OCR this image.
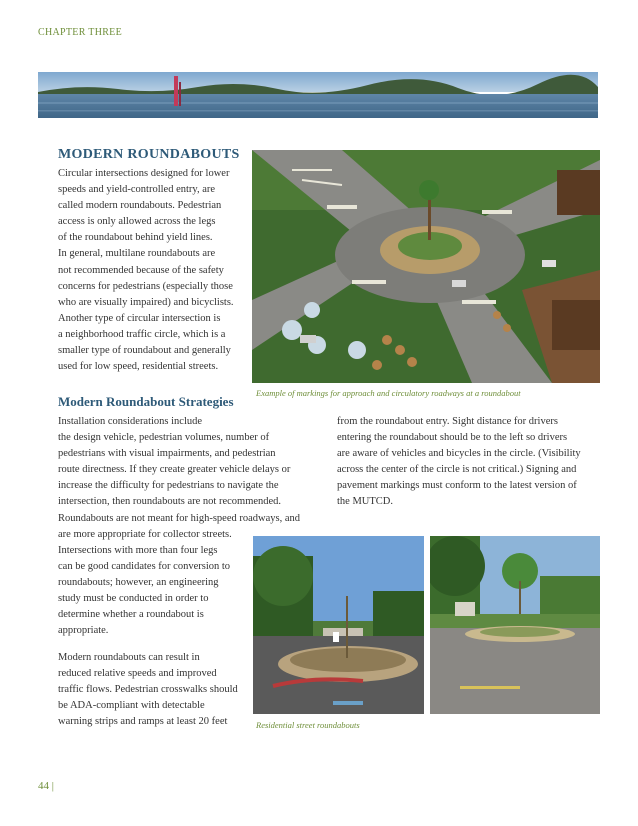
CHAPTER THREE
MODERN ROUNDABOUTS
Circular intersections designed for lower
speeds and yield-controlled entry, are
called modern roundabouts. Pedestrian
access is only allowed across the legs
of the roundabout behind yield lines.
In general, multilane roundabouts are
not recommended because of the safety
concerns for pedestrians (especially those
who are visually impaired) and bicyclists.
Another type of circular intersection is
a neighborhood traffic circle, which is a
smaller type of roundabout and generally
used for low speed, residential streets.
Example of markings for approach and circulatory roadways at a roundabout
Modern Roundabout Strategies
Installation considerations include
the design vehicle, pedestrian volumes, number of
pedestrians with visual impairments, and pedestrian
route directness. If they create greater vehicle delays or
increase the difficulty for pedestrians to navigate the
intersection, then roundabouts are not recommended.
Roundabouts are not meant for high-speed roadways, and
are more appropriate for collector streets.
Intersections with more than four legs
can be good candidates for conversion to
roundabouts; however, an engineering
study must be conducted in order to
determine whether a roundabout is
appropriate.
Modern roundabouts can result in
reduced relative speeds and improved
traffic flows. Pedestrian crosswalks should
be ADA-compliant with detectable
warning strips and ramps at least 20 feet
from the roundabout entry. Sight distance for drivers
entering the roundabout should be to the left so drivers
are aware of vehicles and bicycles in the circle. (Visibility
across the center of the circle is not critical.) Signing and
pavement markings must conform to the latest version of
the MUTCD.
Residential street roundabouts
44 |
